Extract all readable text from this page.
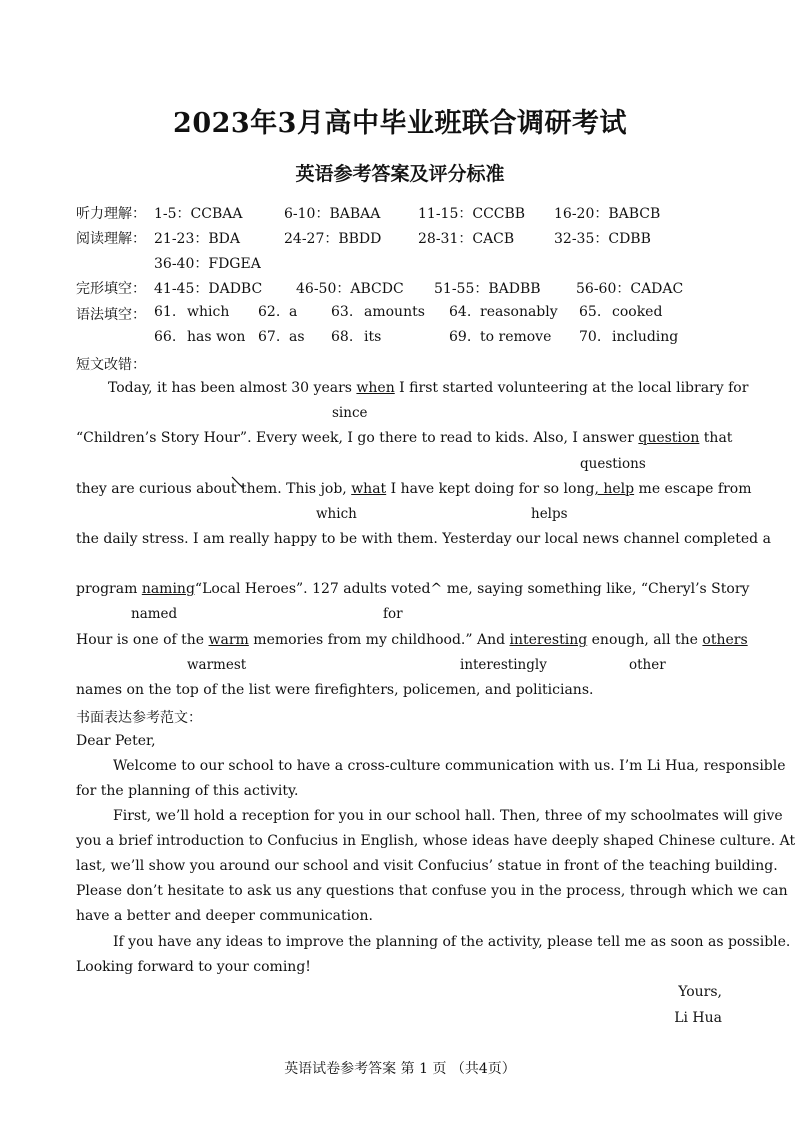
2023年3月高中毕业班联合调研考试
英语参考答案及评分标准
听力理解： 1-5：CCBAA	6-10：BABAA	11-15：CCCBB 16-20：BABCB
阅读理解： 21-23：BDA	24-27：BBDD	28-31：CACB	32-35：CDBB
36-40：FDGEA
完形填空： 41-45：DADBC 46-50：ABCDC 51-55：BADBB	56-60：CADAC
语法填空： 61. which 62. a 63. amounts 64. reasonably 65. cooked
66. has won 67. as 68. its	69. to remove 70. including
短文改错：
Today, it has been almost 30 years when I first started volunteering at the local library for
since
“Children’s Story Hour”. Every week, I go there to read to kids. Also, I answer question that
questions
they are curious about them. This job, what I have kept doing for so long, help me escape from
which	helps
the daily stress. I am really happy to be with them. Yesterday our local news channel completed a
program naming“Local Heroes”. 127 adults voted^ me, saying something like, “Cheryl’s Story
named	for
Hour is one of the warm memories from my childhood.” And interesting enough, all the others
warmest	interestingly	other
names on the top of the list were firefighters, policemen, and politicians.
书面表达参考范文：
Dear Peter,
Welcome to our school to have a cross-culture communication with us. I’m Li Hua, responsible
for the planning of this activity.
First, we’ll hold a reception for you in our school hall. Then, three of my schoolmates will give
you a brief introduction to Confucius in English, whose ideas have deeply shaped Chinese culture. At
last, we’ll show you around our school and visit Confucius’ statue in front of the teaching building.
Please don’t hesitate to ask us any questions that confuse you in the process, through which we can
have a better and deeper communication.
If you have any ideas to improve the planning of the activity, please tell me as soon as possible.
Looking forward to your coming!
Yours,
Li Hua
英语试卷参考答案 第 1 页 （共4页）
